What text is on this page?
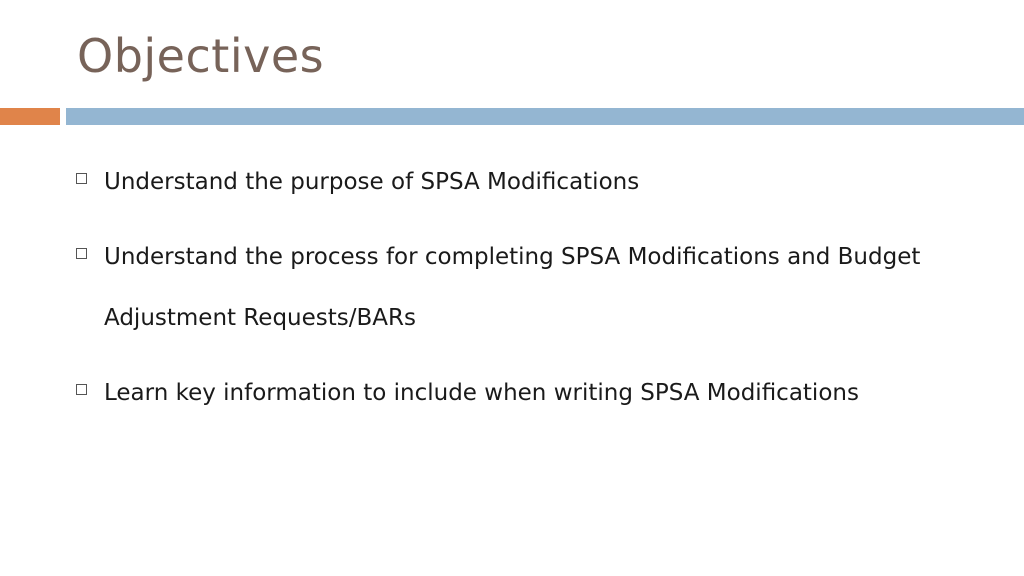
Objectives
Understand the purpose of SPSA Modifications
Understand the process for completing SPSA Modifications and Budget Adjustment Requests/BARs
Learn key information to include when writing SPSA Modifications
